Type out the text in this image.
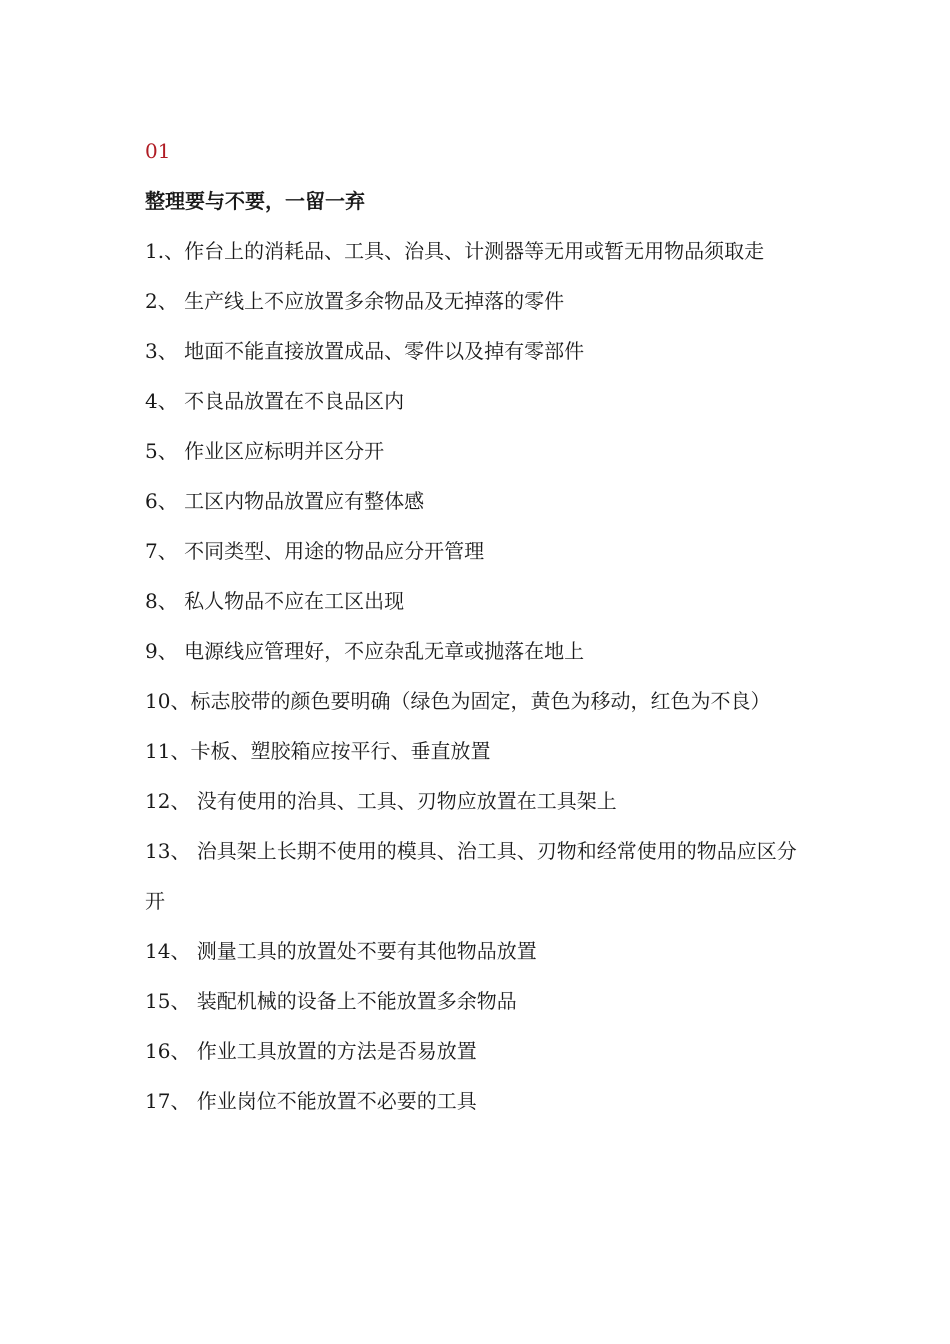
01

整理要与不要，一留一弃

1.、作台上的消耗品、工具、治具、计测器等无用或暂无用物品须取走
2、 生产线上不应放置多余物品及无掉落的零件
3、 地面不能直接放置成品、零件以及掉有零部件
4、 不良品放置在不良品区内
5、 作业区应标明并区分开
6、 工区内物品放置应有整体感
7、 不同类型、用途的物品应分开管理
8、 私人物品不应在工区出现
9、 电源线应管理好，不应杂乱无章或抛落在地上
10、标志胶带的颜色要明确（绿色为固定，黄色为移动，红色为不良）
11、卡板、塑胶箱应按平行、垂直放置
12、 没有使用的治具、工具、刃物应放置在工具架上
13、 治具架上长期不使用的模具、治工具、刃物和经常使用的物品应区分开
14、 测量工具的放置处不要有其他物品放置
15、 装配机械的设备上不能放置多余物品
16、 作业工具放置的方法是否易放置
17、 作业岗位不能放置不必要的工具
